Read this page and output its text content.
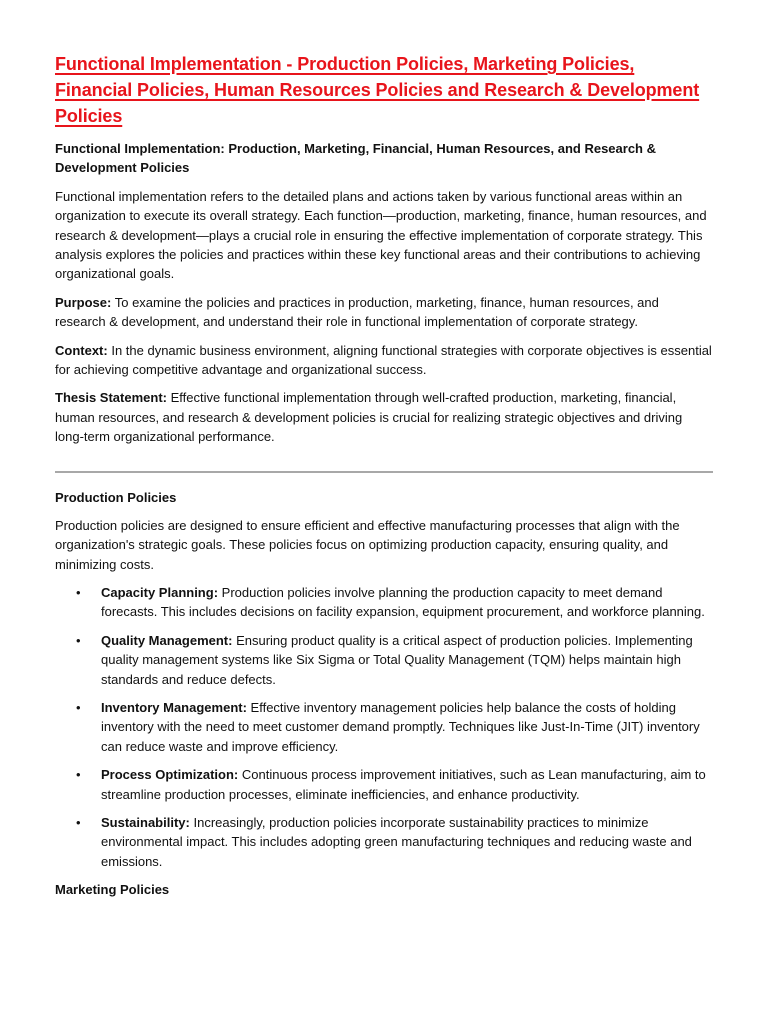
Functional Implementation - Production Policies, Marketing Policies, Financial Policies, Human Resources Policies and Research & Development Policies
Functional Implementation: Production, Marketing, Financial, Human Resources, and Research & Development Policies

Functional implementation refers to the detailed plans and actions taken by various functional areas within an organization to execute its overall strategy. Each function—production, marketing, finance, human resources, and research & development—plays a crucial role in ensuring the effective implementation of corporate strategy. This analysis explores the policies and practices within these key functional areas and their contributions to achieving organizational goals.

Purpose: To examine the policies and practices in production, marketing, finance, human resources, and research & development, and understand their role in functional implementation of corporate strategy.

Context: In the dynamic business environment, aligning functional strategies with corporate objectives is essential for achieving competitive advantage and organizational success.

Thesis Statement: Effective functional implementation through well-crafted production, marketing, financial, human resources, and research & development policies is crucial for realizing strategic objectives and driving long-term organizational performance.

Production Policies

Production policies are designed to ensure efficient and effective manufacturing processes that align with the organization's strategic goals. These policies focus on optimizing production capacity, ensuring quality, and minimizing costs.

• Capacity Planning: Production policies involve planning the production capacity to meet demand forecasts. This includes decisions on facility expansion, equipment procurement, and workforce planning.
• Quality Management: Ensuring product quality is a critical aspect of production policies. Implementing quality management systems like Six Sigma or Total Quality Management (TQM) helps maintain high standards and reduce defects.
• Inventory Management: Effective inventory management policies help balance the costs of holding inventory with the need to meet customer demand promptly. Techniques like Just-In-Time (JIT) inventory can reduce waste and improve efficiency.
• Process Optimization: Continuous process improvement initiatives, such as Lean manufacturing, aim to streamline production processes, eliminate inefficiencies, and enhance productivity.
• Sustainability: Increasingly, production policies incorporate sustainability practices to minimize environmental impact. This includes adopting green manufacturing techniques and reducing waste and emissions.
Marketing Policies
